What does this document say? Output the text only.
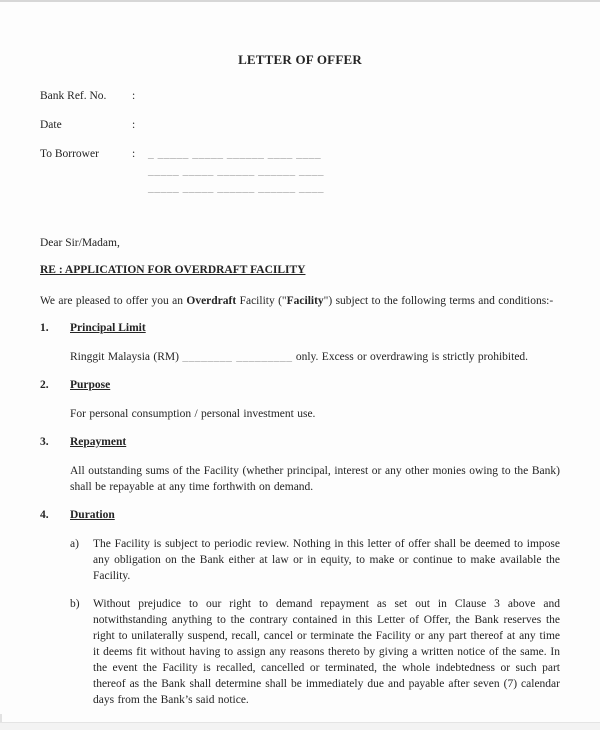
LETTER OF OFFER
Bank Ref. No.	:
Date	:
To Borrower	:	_ _____ _____ ______ ____ ____
_____ _____ ______ ______ ____
_____ _____ ______ ______ ____

Dear Sir/Madam,

RE : APPLICATION FOR OVERDRAFT FACILITY

We are pleased to offer you an Overdraft Facility ("Facility") subject to the following terms and conditions:-

1.	Principal Limit

Ringgit Malaysia (RM) ________ _________ only. Excess or overdrawing is strictly prohibited.

2.	Purpose

For personal consumption / personal investment use.

3.	Repayment

All outstanding sums of the Facility (whether principal, interest or any other monies owing to the Bank) shall be repayable at any time forthwith on demand.

4.	Duration
a)	The Facility is subject to periodic review. Nothing in this letter of offer shall be deemed to impose any obligation on the Bank either at law or in equity, to make or continue to make available the Facility.

b)	Without prejudice to our right to demand repayment as set out in Clause 3 above and notwithstanding anything to the contrary contained in this Letter of Offer, the Bank reserves the right to unilaterally suspend, recall, cancel or terminate the Facility or any part thereof at any time it deems fit without having to assign any reasons thereto by giving a written notice of the same. In the event the Facility is recalled, cancelled or terminated, the whole indebtedness or such part thereof as the Bank shall determine shall be immediately due and payable after seven (7) calendar days from the Bank’s said notice.
